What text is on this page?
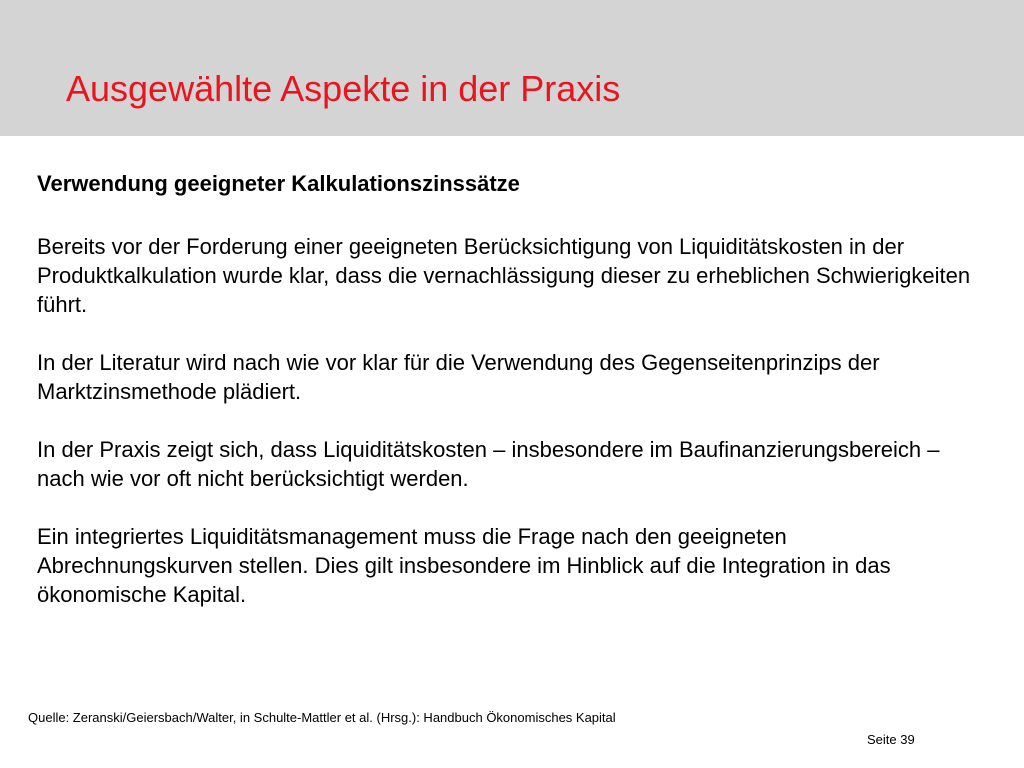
Ausgewählte Aspekte in der Praxis
Verwendung geeigneter Kalkulationszinssätze

Bereits vor der Forderung einer geeigneten Berücksichtigung von Liquiditätskosten in der Produktkalkulation wurde klar, dass die vernachlässigung dieser zu erheblichen Schwierigkeiten führt.

In der Literatur wird nach wie vor klar für die Verwendung des Gegenseitenprinzips der Marktzinsmethode plädiert.

In der Praxis zeigt sich, dass Liquiditätskosten – insbesondere im Baufinanzierungsbereich – nach wie vor oft nicht berücksichtigt werden.

Ein integriertes Liquiditätsmanagement muss die Frage nach den geeigneten Abrechnungskurven stellen. Dies gilt insbesondere im Hinblick auf die Integration in das ökonomische Kapital.

Quelle: Zeranski/Geiersbach/Walter, in Schulte-Mattler et al. (Hrsg.): Handbuch Ökonomisches Kapital

Seite 39
